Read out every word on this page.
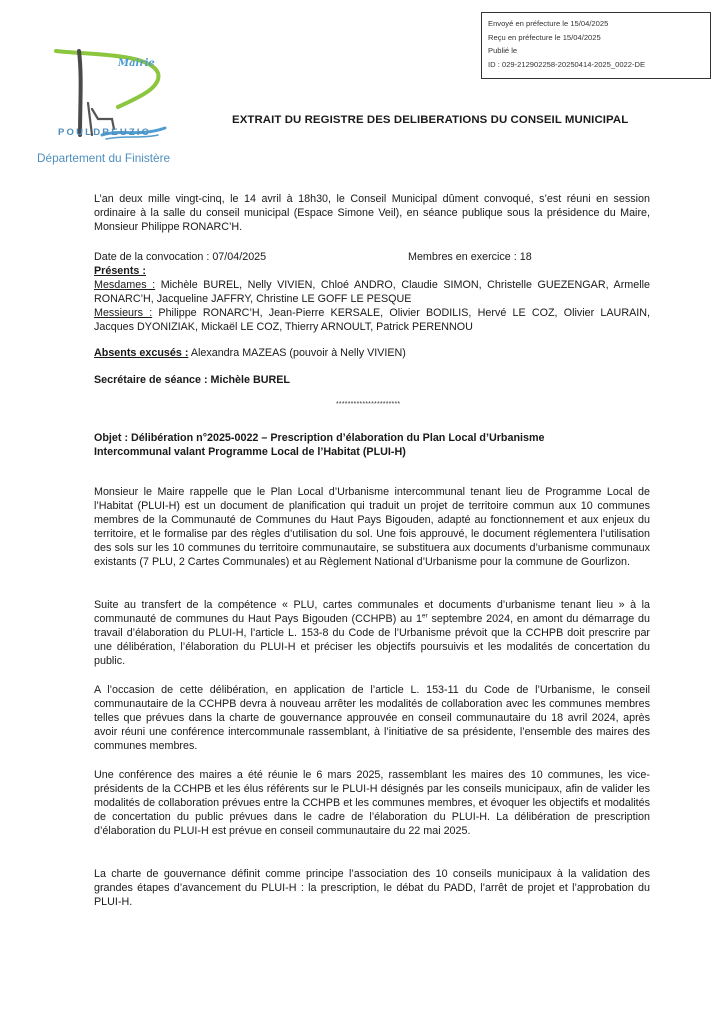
Envoyé en préfecture le 15/04/2025
Reçu en préfecture le 15/04/2025
Publié le
ID : 029-212902258-20250414-2025_0022-DE
Mairie
POULDREUZIC
Département du Finistère
EXTRAIT DU REGISTRE DES DELIBERATIONS DU CONSEIL MUNICIPAL

L’an deux mille vingt-cinq, le 14 avril à 18h30, le Conseil Municipal dûment convoqué, s’est réuni en session ordinaire à la salle du conseil municipal (Espace Simone Veil), en séance publique sous la présidence du Maire, Monsieur Philippe RONARC’H.

Date de la convocation : 07/04/2025	Membres en exercice : 18
Présents :

Mesdames : Michèle BUREL, Nelly VIVIEN, Chloé ANDRO, Claudie SIMON, Christelle GUEZENGAR, Armelle RONARC’H, Jacqueline JAFFRY, Christine LE GOFF LE PESQUE

Messieurs : Philippe RONARC’H, Jean-Pierre KERSALE, Olivier BODILIS, Hervé LE COZ, Olivier LAURAIN, Jacques DYONIZIAK, Mickaël LE COZ, Thierry ARNOULT, Patrick PERENNOU

Absents excusés : Alexandra MAZEAS (pouvoir à Nelly VIVIEN)

Secrétaire de séance : Michèle BUREL

**********************
Objet : Délibération n°2025-0022 – Prescription d’élaboration du Plan Local d’Urbanisme
Intercommunal valant Programme Local de l’Habitat (PLUI-H)

Monsieur le Maire rappelle que le Plan Local d’Urbanisme intercommunal tenant lieu de Programme Local de l’Habitat (PLUI-H) est un document de planification qui traduit un projet de territoire commun aux 10 communes membres de la Communauté de Communes du Haut Pays Bigouden, adapté au fonctionnement et aux enjeux du territoire, et le formalise par des règles d’utilisation du sol. Une fois approuvé, le document réglementera l’utilisation des sols sur les 10 communes du territoire communautaire, se substituera aux documents d’urbanisme communaux existants (7 PLU, 2 Cartes Communales) et au Règlement National d’Urbanisme pour la commune de Gourlizon.

Suite au transfert de la compétence « PLU, cartes communales et documents d’urbanisme tenant lieu » à la communauté de communes du Haut Pays Bigouden (CCHPB) au 1er septembre 2024, en amont du démarrage du travail d’élaboration du PLUI-H, l’article L. 153-8 du Code de l’Urbanisme prévoit que la CCHPB doit prescrire par une délibération, l’élaboration du PLUI-H et préciser les objectifs poursuivis et les modalités de concertation du public.

A l’occasion de cette délibération, en application de l’article L. 153-11 du Code de l’Urbanisme, le conseil communautaire de la CCHPB devra à nouveau arrêter les modalités de collaboration avec les communes membres telles que prévues dans la charte de gouvernance approuvée en conseil communautaire du 18 avril 2024, après avoir réuni une conférence intercommunale rassemblant, à l’initiative de sa présidente, l’ensemble des maires des communes membres.

Une conférence des maires a été réunie le 6 mars 2025, rassemblant les maires des 10 communes, les vice-présidents de la CCHPB et les élus référents sur le PLUI-H désignés par les conseils municipaux, afin de valider les modalités de collaboration prévues entre la CCHPB et les communes membres, et évoquer les objectifs et modalités de concertation du public prévues dans le cadre de l’élaboration du PLUI-H. La délibération de prescription d’élaboration du PLUI-H est prévue en conseil communautaire du 22 mai 2025.

La charte de gouvernance définit comme principe l’association des 10 conseils municipaux à la validation des grandes étapes d’avancement du PLUI-H : la prescription, le débat du PADD, l’arrêt de projet et l’approbation du PLUI-H.
